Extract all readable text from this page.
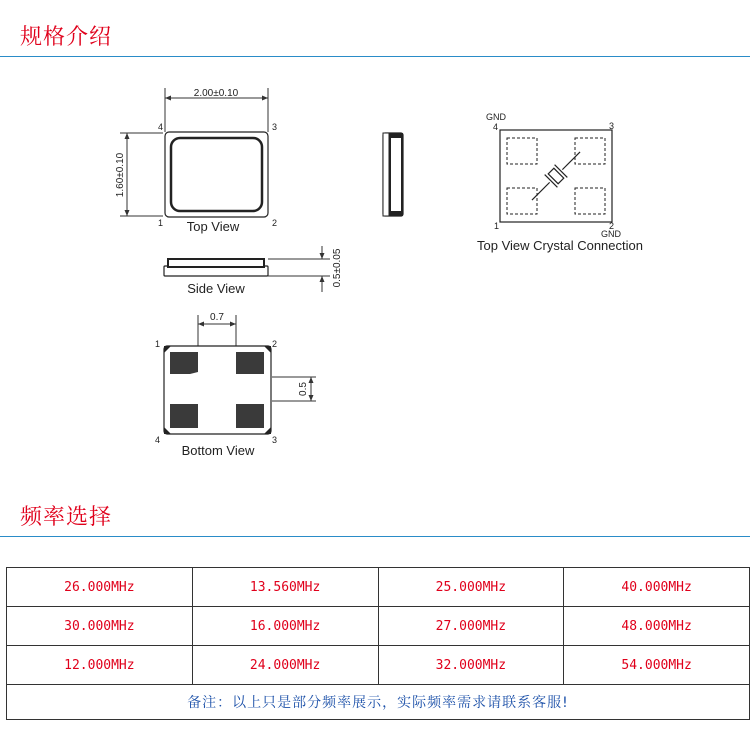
规格介绍
2.00±0.10
1.60±0.10
4	3
1	2
Top View
0.5±0.05
Side View
GND
4	3
1	2
GND
Top View Crystal Connection
0.7
0.5
1	2
4	3
Bottom View
频率选择
26.000MHz	13.560MHz	25.000MHz	40.000MHz
30.000MHz	16.000MHz	27.000MHz	48.000MHz
12.000MHz	24.000MHz	32.000MHz	54.000MHz
备注：以上只是部分频率展示，实际频率需求请联系客服!			
